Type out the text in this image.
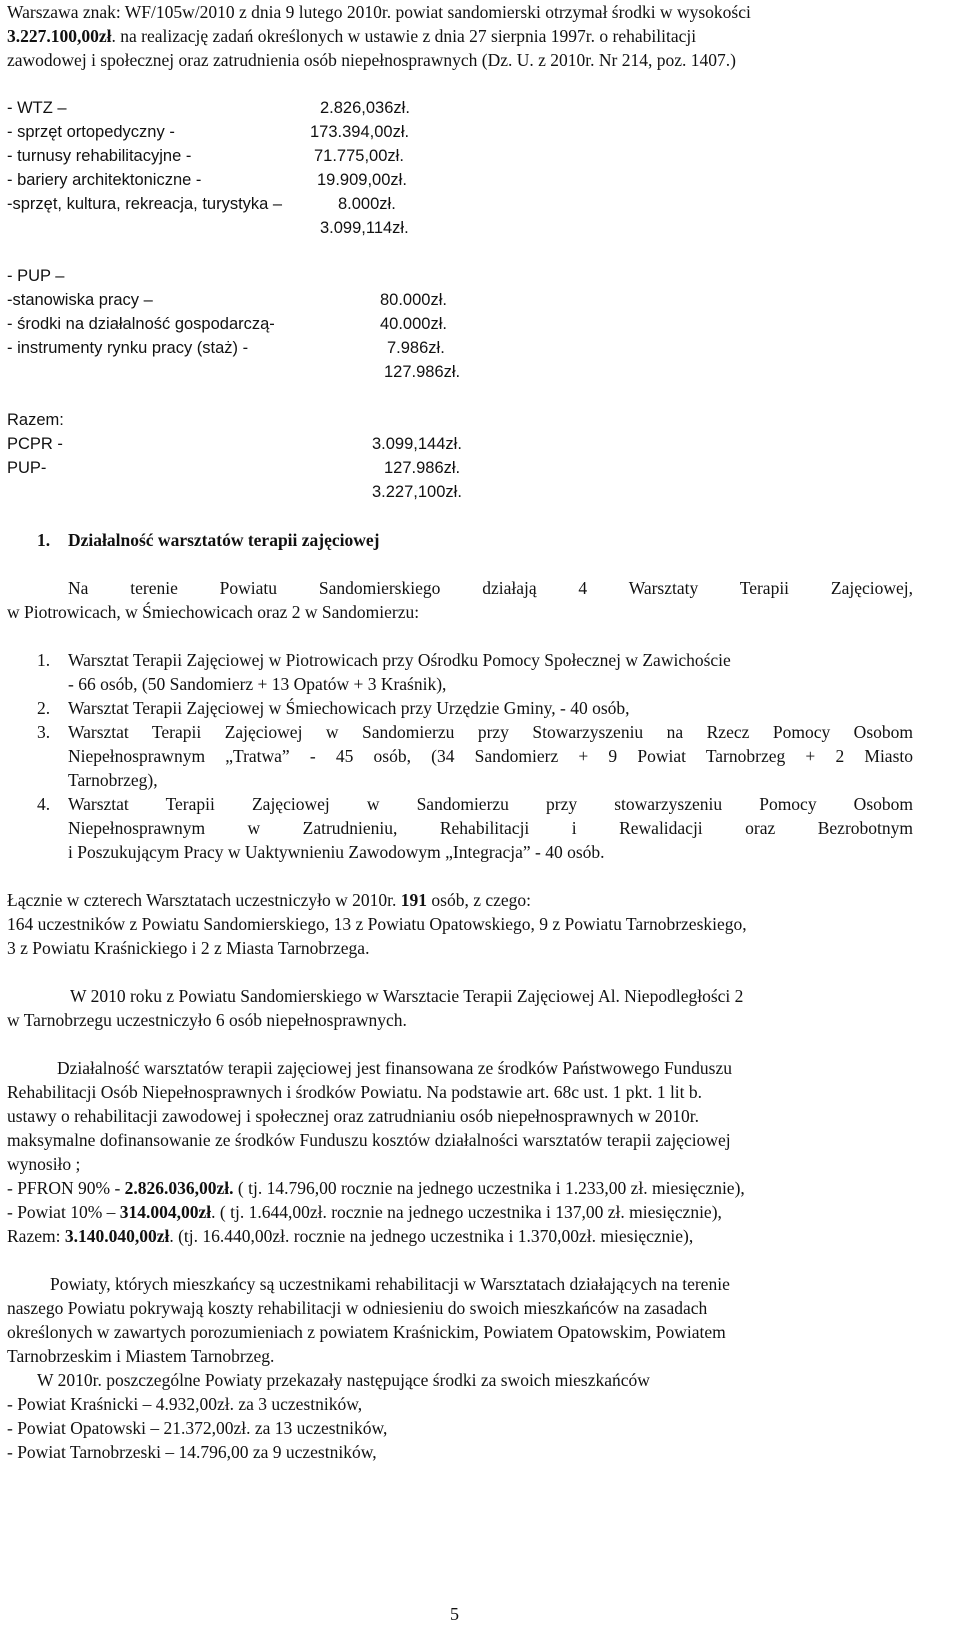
Warszawa znak: WF/105w/2010 z dnia 9 lutego 2010r. powiat sandomierski otrzymał środki w wysokości
3.227.100,00zł. na realizację zadań określonych w ustawie z dnia 27 sierpnia 1997r. o rehabilitacji
zawodowej i społecznej oraz zatrudnienia osób niepełnosprawnych (Dz. U. z 2010r. Nr 214, poz. 1407.)
- WTZ –	2.826,036zł.
- sprzęt ortopedyczny -	173.394,00zł.
- turnusy rehabilitacyjne -	71.775,00zł.
- bariery architektoniczne -	19.909,00zł.
-sprzęt, kultura, rekreacja, turystyka –	8.000zł.
3.099,114zł.
- PUP –
-stanowiska pracy –	80.000zł.
- środki na działalność gospodarczą-	40.000zł.
- instrumenty rynku pracy (staż) -	7.986zł.
127.986zł.
Razem:
PCPR -	3.099,144zł.
PUP-	127.986zł.
3.227,100zł.
1. Działalność warsztatów terapii zajęciowej
Na terenie Powiatu Sandomierskiego działają 4 Warsztaty Terapii Zajęciowej,
w Piotrowicach, w Śmiechowicach oraz 2 w Sandomierzu:
1. Warsztat Terapii Zajęciowej w Piotrowicach przy Ośrodku Pomocy Społecznej w Zawichoście
- 66 osób, (50 Sandomierz + 13 Opatów + 3 Kraśnik),
2. Warsztat Terapii Zajęciowej w Śmiechowicach przy Urzędzie Gminy, - 40 osób,
3. Warsztat Terapii Zajęciowej w Sandomierzu przy Stowarzyszeniu na Rzecz Pomocy Osobom
Niepełnosprawnym „Tratwa” - 45 osób, (34 Sandomierz + 9 Powiat Tarnobrzeg + 2 Miasto
Tarnobrzeg),
4. Warsztat Terapii Zajęciowej w Sandomierzu przy stowarzyszeniu Pomocy Osobom
Niepełnosprawnym w Zatrudnieniu, Rehabilitacji i Rewalidacji oraz Bezrobotnym
i Poszukującym Pracy w Uaktywnieniu Zawodowym „Integracja” - 40 osób.
Łącznie w czterech Warsztatach uczestniczyło w 2010r. 191 osób, z czego:
164 uczestników z Powiatu Sandomierskiego, 13 z Powiatu Opatowskiego, 9 z Powiatu Tarnobrzeskiego,
3 z Powiatu Kraśnickiego i 2 z Miasta Tarnobrzega.
W 2010 roku z Powiatu Sandomierskiego w Warsztacie Terapii Zajęciowej Al. Niepodległości 2
w Tarnobrzegu uczestniczyło 6 osób niepełnosprawnych.
Działalność warsztatów terapii zajęciowej jest finansowana ze środków Państwowego Funduszu
Rehabilitacji Osób Niepełnosprawnych i środków Powiatu. Na podstawie art. 68c ust. 1 pkt. 1 lit b.
ustawy o rehabilitacji zawodowej i społecznej oraz zatrudnianiu osób niepełnosprawnych w 2010r.
maksymalne dofinansowanie ze środków Funduszu kosztów działalności warsztatów terapii zajęciowej
wynosiło ;
- PFRON 90% - 2.826.036,00zł. ( tj. 14.796,00 rocznie na jednego uczestnika i 1.233,00 zł. miesięcznie),
- Powiat 10% – 314.004,00zł. ( tj. 1.644,00zł. rocznie na jednego uczestnika i 137,00 zł. miesięcznie),
Razem: 3.140.040,00zł. (tj. 16.440,00zł. rocznie na jednego uczestnika i 1.370,00zł. miesięcznie),
Powiaty, których mieszkańcy są uczestnikami rehabilitacji w Warsztatach działających na terenie
naszego Powiatu pokrywają koszty rehabilitacji w odniesieniu do swoich mieszkańców na zasadach
określonych w zawartych porozumieniach z powiatem Kraśnickim, Powiatem Opatowskim, Powiatem
Tarnobrzeskim i Miastem Tarnobrzeg.
W 2010r. poszczególne Powiaty przekazały następujące środki za swoich mieszkańców
- Powiat Kraśnicki – 4.932,00zł. za 3 uczestników,
- Powiat Opatowski – 21.372,00zł. za 13 uczestników,
- Powiat Tarnobrzeski – 14.796,00 za 9 uczestników,
5
